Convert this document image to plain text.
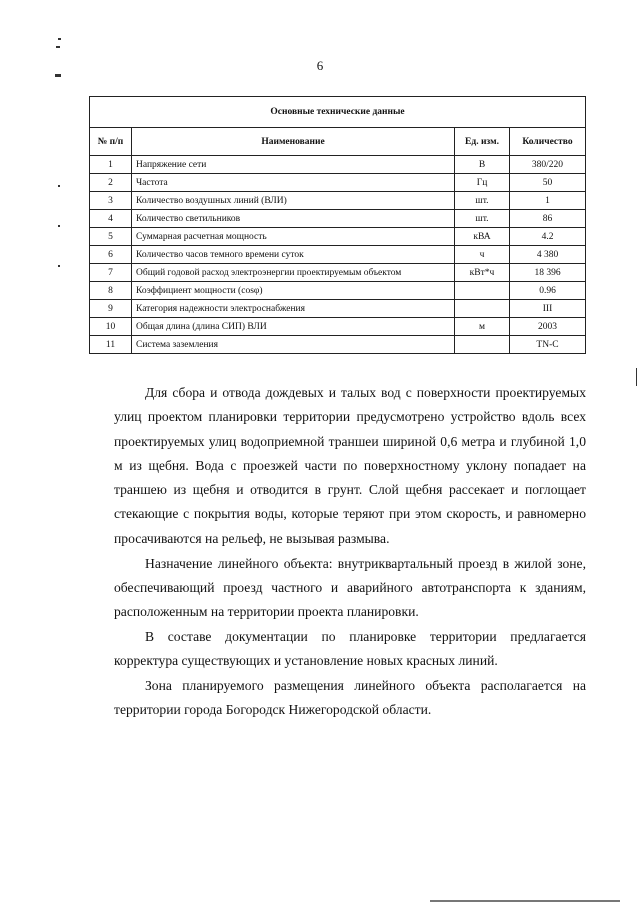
6
Основные технические данные			
№ п/п	Наименование	Ед. изм.	Количество
1	Напряжение сети	В	380/220
2	Частота	Гц	50
3	Количество воздушных линий (ВЛИ)	шт.	1
4	Количество светильников	шт.	86
5	Суммарная расчетная мощность	кВА	4.2
6	Количество часов темного времени суток	ч	4 380
7	Общий годовой расход электроэнергии проектируемым объектом	кВт*ч	18 396
8	Коэффициент мощности (cosφ)		0.96
9	Категория надежности электроснабжения		III
10	Общая длина (длина СИП) ВЛИ	м	2003
11	Система заземления		TN-C

Для сбора и отвода дождевых и талых вод с поверхности проектируемых улиц проектом планировки территории предусмотрено устройство вдоль всех проектируемых улиц водоприемной траншеи шириной 0,6 метра и глубиной 1,0 м из щебня. Вода с проезжей части по поверхностному уклону попадает на траншею из щебня и отводится в грунт. Слой щебня рассекает и поглощает стекающие с покрытия воды, которые теряют при этом скорость, и равномерно просачиваются на рельеф, не вызывая размыва.

Назначение линейного объекта: внутриквартальный проезд в жилой зоне, обеспечивающий проезд частного и аварийного автотранспорта к зданиям, расположенным на территории проекта планировки.

В составе документации по планировке территории предлагается корректура существующих и установление новых красных линий.

Зона планируемого размещения линейного объекта располагается на территории города Богородск Нижегородской области.
